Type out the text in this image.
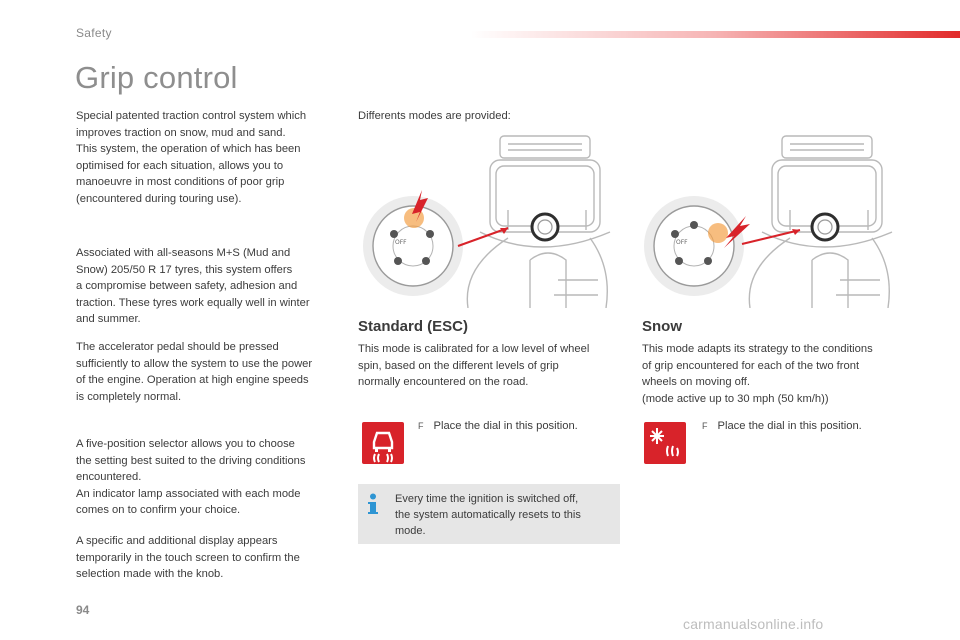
Safety
Grip control
Special patented traction control system which
improves traction on snow, mud and sand.
This system, the operation of which has been
optimised for each situation, allows you to
manoeuvre in most conditions of poor grip
(encountered during touring use).
Associated with all-seasons M+S (Mud and
Snow) 205/50 R 17 tyres, this system offers
a compromise between safety, adhesion and
traction. These tyres work equally well in winter
and summer.
The accelerator pedal should be pressed
sufficiently to allow the system to use the power
of the engine. Operation at high engine speeds
is completely normal.
A five-position selector allows you to choose
the setting best suited to the driving conditions
encountered.
An indicator lamp associated with each mode
comes on to confirm your choice.
A specific and additional display appears
temporarily in the touch screen to confirm the
selection made with the knob.
Differents modes are provided:
OFF	OFF
Standard (ESC)
This mode is calibrated for a low level of wheel
spin, based on the different levels of grip
normally encountered on the road.
F Place the dial in this position.
Snow
This mode adapts its strategy to the conditions
of grip encountered for each of the two front
wheels on moving off.
(mode active up to 30 mph (50 km/h))
F Place the dial in this position.
Every time the ignition is switched off,
the system automatically resets to this
mode.
94
carmanualsonline.info
